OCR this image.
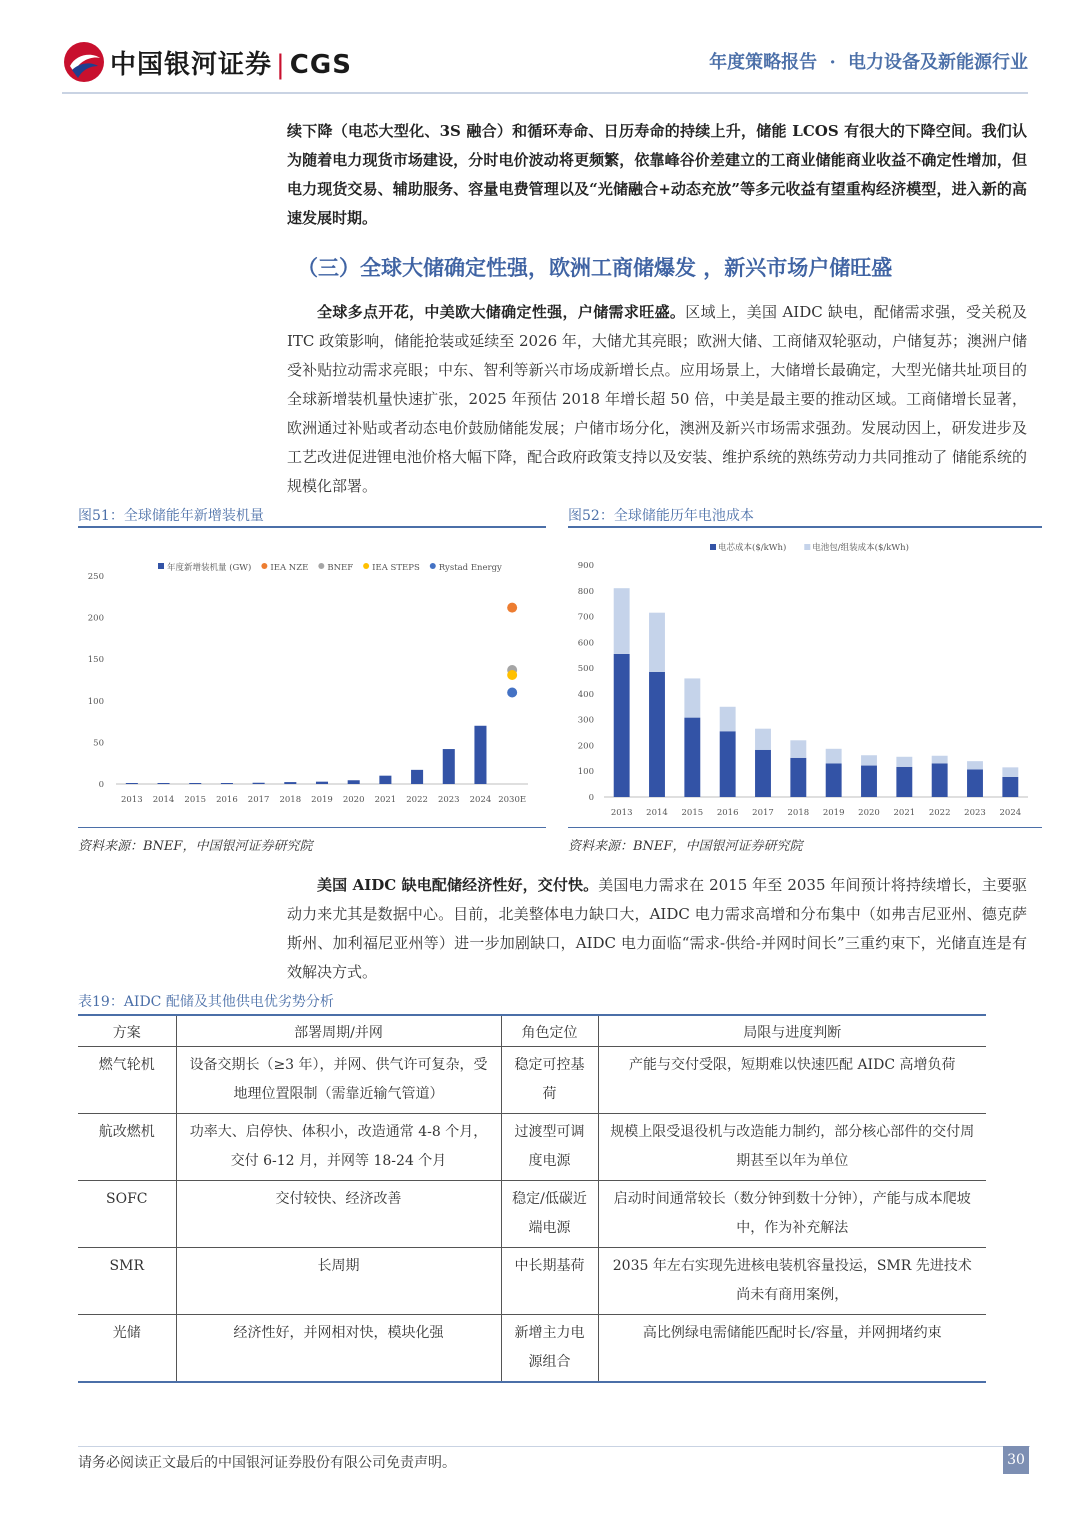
中国银河证券 | CGS	年度策略报告 · 电力设备及新能源行业
续下降（电芯大型化、3S 融合）和循环寿命、日历寿命的持续上升，储能 LCOS 有很大的下降空间。我们认为随着电力现货市场建设，分时电价波动将更频繁，依靠峰谷价差建立的工商业储能商业收益不确定性增加，但电力现货交易、辅助服务、容量电费管理以及“光储融合+动态充放”等多元收益有望重构经济模型，进入新的高速发展时期。
（三）全球大储确定性强，欧洲工商储爆发 ，新兴市场户储旺盛
全球多点开花，中美欧大储确定性强，户储需求旺盛。区域上，美国 AIDC 缺电，配储需求强，受关税及 ITC 政策影响，储能抢装或延续至 2026 年，大储尤其亮眼；欧洲大储、工商储双轮驱动，户储复苏；澳洲户储受补贴拉动需求亮眼；中东、智利等新兴市场成新增长点。应用场景上，大储增长最确定，大型光储共址项目的全球新增装机量快速扩张，2025 年预估 2018 年增长超 50 倍，中美是最主要的推动区域。工商储增长显著，欧洲通过补贴或者动态电价鼓励储能发展；户储市场分化，澳洲及新兴市场需求强劲。发展动因上，研发进步及工艺改进促进锂电池价格大幅下降，配合政府政策支持以及安装、维护系统的熟练劳动力共同推动了 储能系统的规模化部署。
图51：全球储能年新增装机量
年度新增装机量 (GW) IEA NZE BNEF IEA STEPS Rystad Energy
0
50
100
150
200
250
2013 2014 2015 2016 2017 2018 2019 2020 2021 2022 2023 2024 2030E
资料来源：BNEF，中国银河证券研究院
图52：全球储能历年电池成本
电芯成本($/kWh)	电池包/组装成本($/kWh)
0
100
200
300
400
500
600
700
800
900
2013 2014 2015 2016 2017 2018 2019 2020 2021 2022 2023 2024
资料来源：BNEF，中国银河证券研究院
美国 AIDC 缺电配储经济性好，交付快。美国电力需求在 2015 年至 2035 年间预计将持续增长，主要驱动力来尤其是数据中心。目前，北美整体电力缺口大，AIDC 电力需求高增和分布集中（如弗吉尼亚州、德克萨斯州、加利福尼亚州等）进一步加剧缺口，AIDC 电力面临“需求-供给-并网时间长”三重约束下，光储直连是有效解决方式。
表19：AIDC 配储及其他供电优劣势分析
方案	部署周期/并网	角色定位	局限与进度判断
燃气轮机	设备交期长（≥3 年），并网、供气许可复杂，受地理位置限制（需靠近输气管道）	稳定可控基荷	产能与交付受限，短期难以快速匹配 AIDC 高增负荷
航改燃机	功率大、启停快、体积小，改造通常 4-8 个月，交付 6-12 月，并网等 18-24 个月	过渡型可调度电源	规模上限受退役机与改造能力制约，部分核心部件的交付周期甚至以年为单位
SOFC	交付较快、经济改善	稳定/低碳近端电源	启动时间通常较长（数分钟到数十分钟），产能与成本爬坡中，作为补充解法
SMR	长周期	中长期基荷	2035 年左右实现先进核电装机容量投运，SMR 先进技术尚未有商用案例，
光储	经济性好，并网相对快，模块化强	新增主力电源组合	高比例绿电需储能匹配时长/容量，并网拥堵约束
请务必阅读正文最后的中国银河证券股份有限公司免责声明。	30
